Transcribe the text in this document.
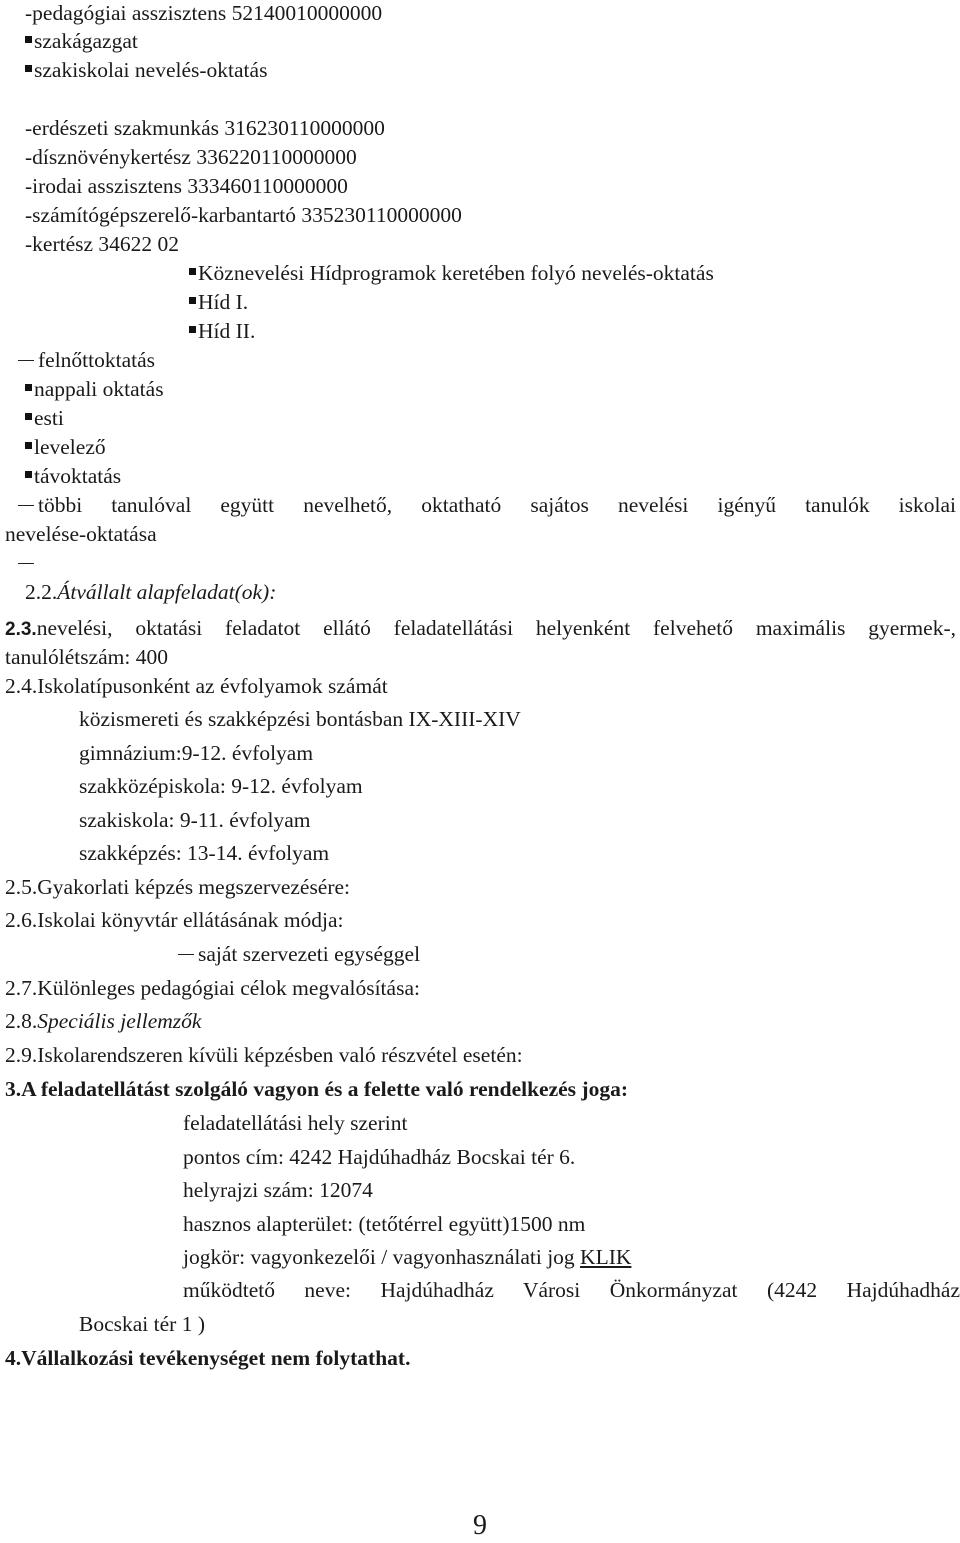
-pedagógiai asszisztens 52140010000000
szakágazgat
szakiskolai nevelés-oktatás
-erdészeti szakmunkás 316230110000000
-dísznövénykertész 336220110000000
-irodai asszisztens 333460110000000
-számítógépszerelő-karbantartó 335230110000000
-kertész 34622 02
Köznevelési Hídprogramok keretében folyó nevelés-oktatás
Híd I.
Híd II.
felnőttoktatás
nappali oktatás
esti
levelező
távoktatás
többi tanulóval együtt nevelhető, oktatható sajátos nevelési igényű tanulók iskolai
nevelése-oktatása
2.2.Átvállalt alapfeladat(ok):
2.3.nevelési, oktatási feladatot ellátó feladatellátási helyenként felvehető maximális gyermek-,
tanulólétszám: 400
2.4.Iskolatípusonként az évfolyamok számát
közismereti és szakképzési bontásban IX-XIII-XIV
gimnázium:9-12. évfolyam
szakközépiskola: 9-12. évfolyam
szakiskola: 9-11. évfolyam
szakképzés: 13-14. évfolyam
2.5.Gyakorlati képzés megszervezésére:
2.6.Iskolai könyvtár ellátásának módja:
saját szervezeti egységgel
2.7.Különleges pedagógiai célok megvalósítása:
2.8.Speciális jellemzők
2.9.Iskolarendszeren kívüli képzésben való részvétel esetén:
3.A feladatellátást szolgáló vagyon és a felette való rendelkezés joga:
feladatellátási hely szerint
pontos cím: 4242 Hajdúhadház Bocskai tér 6.
helyrajzi szám: 12074
hasznos alapterület: (tetőtérrel együtt)1500 nm
jogkör: vagyonkezelői / vagyonhasználati jog KLIK
működtető neve: Hajdúhadház Városi Önkormányzat (4242 Hajdúhadház
Bocskai tér 1 )
4.Vállalkozási tevékenységet nem folytathat.
9
